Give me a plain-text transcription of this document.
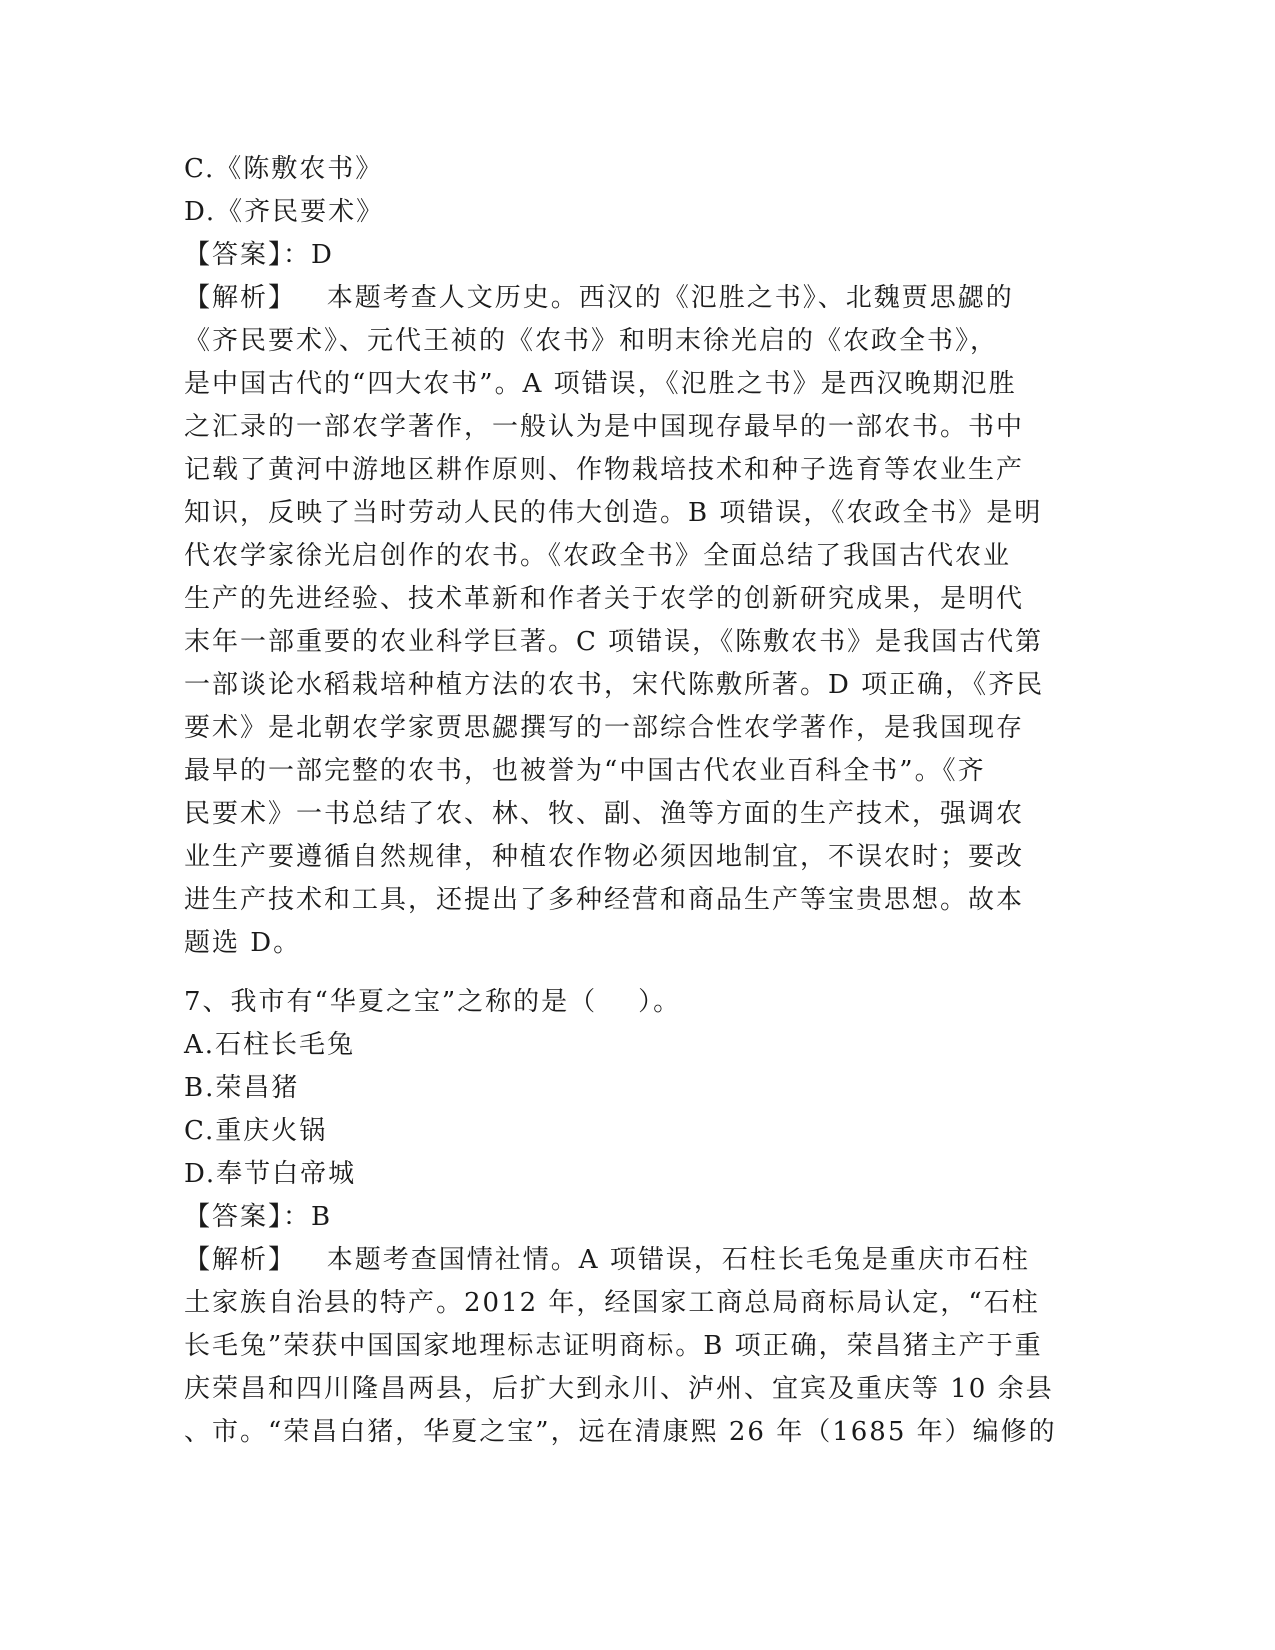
C.《陈敷农书》
D.《齐民要术》
【答案】：D
【解析】   本题考查人文历史。西汉的《氾胜之书》、北魏贾思勰的
《齐民要术》、元代王祯的《农书》和明末徐光启的《农政全书》，
是中国古代的“四大农书”。A 项错误，《氾胜之书》是西汉晚期氾胜
之汇录的一部农学著作，一般认为是中国现存最早的一部农书。书中
记载了黄河中游地区耕作原则、作物栽培技术和种子选育等农业生产
知识，反映了当时劳动人民的伟大创造。B 项错误，《农政全书》是明
代农学家徐光启创作的农书。《农政全书》全面总结了我国古代农业
生产的先进经验、技术革新和作者关于农学的创新研究成果，是明代
末年一部重要的农业科学巨著。C 项错误，《陈敷农书》是我国古代第
一部谈论水稻栽培种植方法的农书，宋代陈敷所著。D 项正确，《齐民
要术》是北朝农学家贾思勰撰写的一部综合性农学著作，是我国现存
最早的一部完整的农书，也被誉为“中国古代农业百科全书”。《齐
民要术》一书总结了农、林、牧、副、渔等方面的生产技术，强调农
业生产要遵循自然规律，种植农作物必须因地制宜，不误农时；要改
进生产技术和工具，还提出了多种经营和商品生产等宝贵思想。故本
题选 D。
7、我市有“华夏之宝”之称的是（    ）。
A.石柱长毛兔
B.荣昌猪
C.重庆火锅
D.奉节白帝城
【答案】：B
【解析】   本题考查国情社情。A 项错误，石柱长毛兔是重庆市石柱
土家族自治县的特产。2012 年，经国家工商总局商标局认定，“石柱
长毛兔”荣获中国国家地理标志证明商标。B 项正确，荣昌猪主产于重
庆荣昌和四川隆昌两县，后扩大到永川、泸州、宜宾及重庆等 10 余县
、市。“荣昌白猪，华夏之宝”，远在清康熙 26 年（1685 年）编修的
